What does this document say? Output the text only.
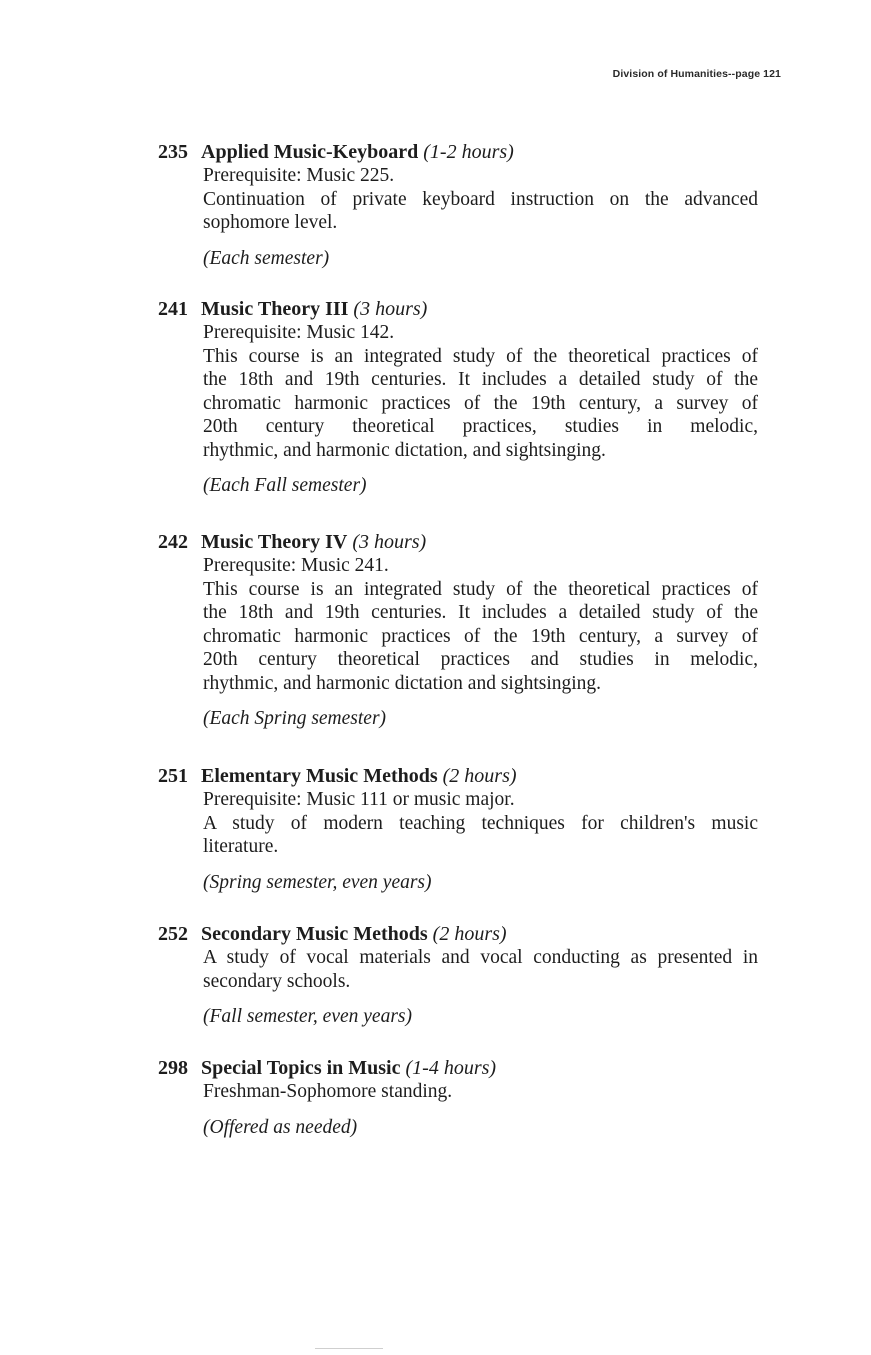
Division of Humanities--page 121
235 Applied Music-Keyboard (1-2 hours)
Prerequisite: Music 225.
Continuation of private keyboard instruction on the advanced
sophomore level.
(Each semester)
241 Music Theory III (3 hours)
Prerequisite: Music 142.
This course is an integrated study of the theoretical practices of
the 18th and 19th centuries. It includes a detailed study of the
chromatic harmonic practices of the 19th century, a survey of
20th century theoretical practices, studies in melodic,
rhythmic, and harmonic dictation, and sightsinging.
(Each Fall semester)
242 Music Theory IV (3 hours)
Prerequsite: Music 241.
This course is an integrated study of the theoretical practices of
the 18th and 19th centuries. It includes a detailed study of the
chromatic harmonic practices of the 19th century, a survey of
20th century theoretical practices and studies in melodic,
rhythmic, and harmonic dictation and sightsinging.
(Each Spring semester)
251 Elementary Music Methods (2 hours)
Prerequisite: Music 111 or music major.
A study of modern teaching techniques for children's music
literature.
(Spring semester, even years)
252 Secondary Music Methods (2 hours)
A study of vocal materials and vocal conducting as presented in
secondary schools.
(Fall semester, even years)
298 Special Topics in Music (1-4 hours)
Freshman-Sophomore standing.
(Offered as needed)
